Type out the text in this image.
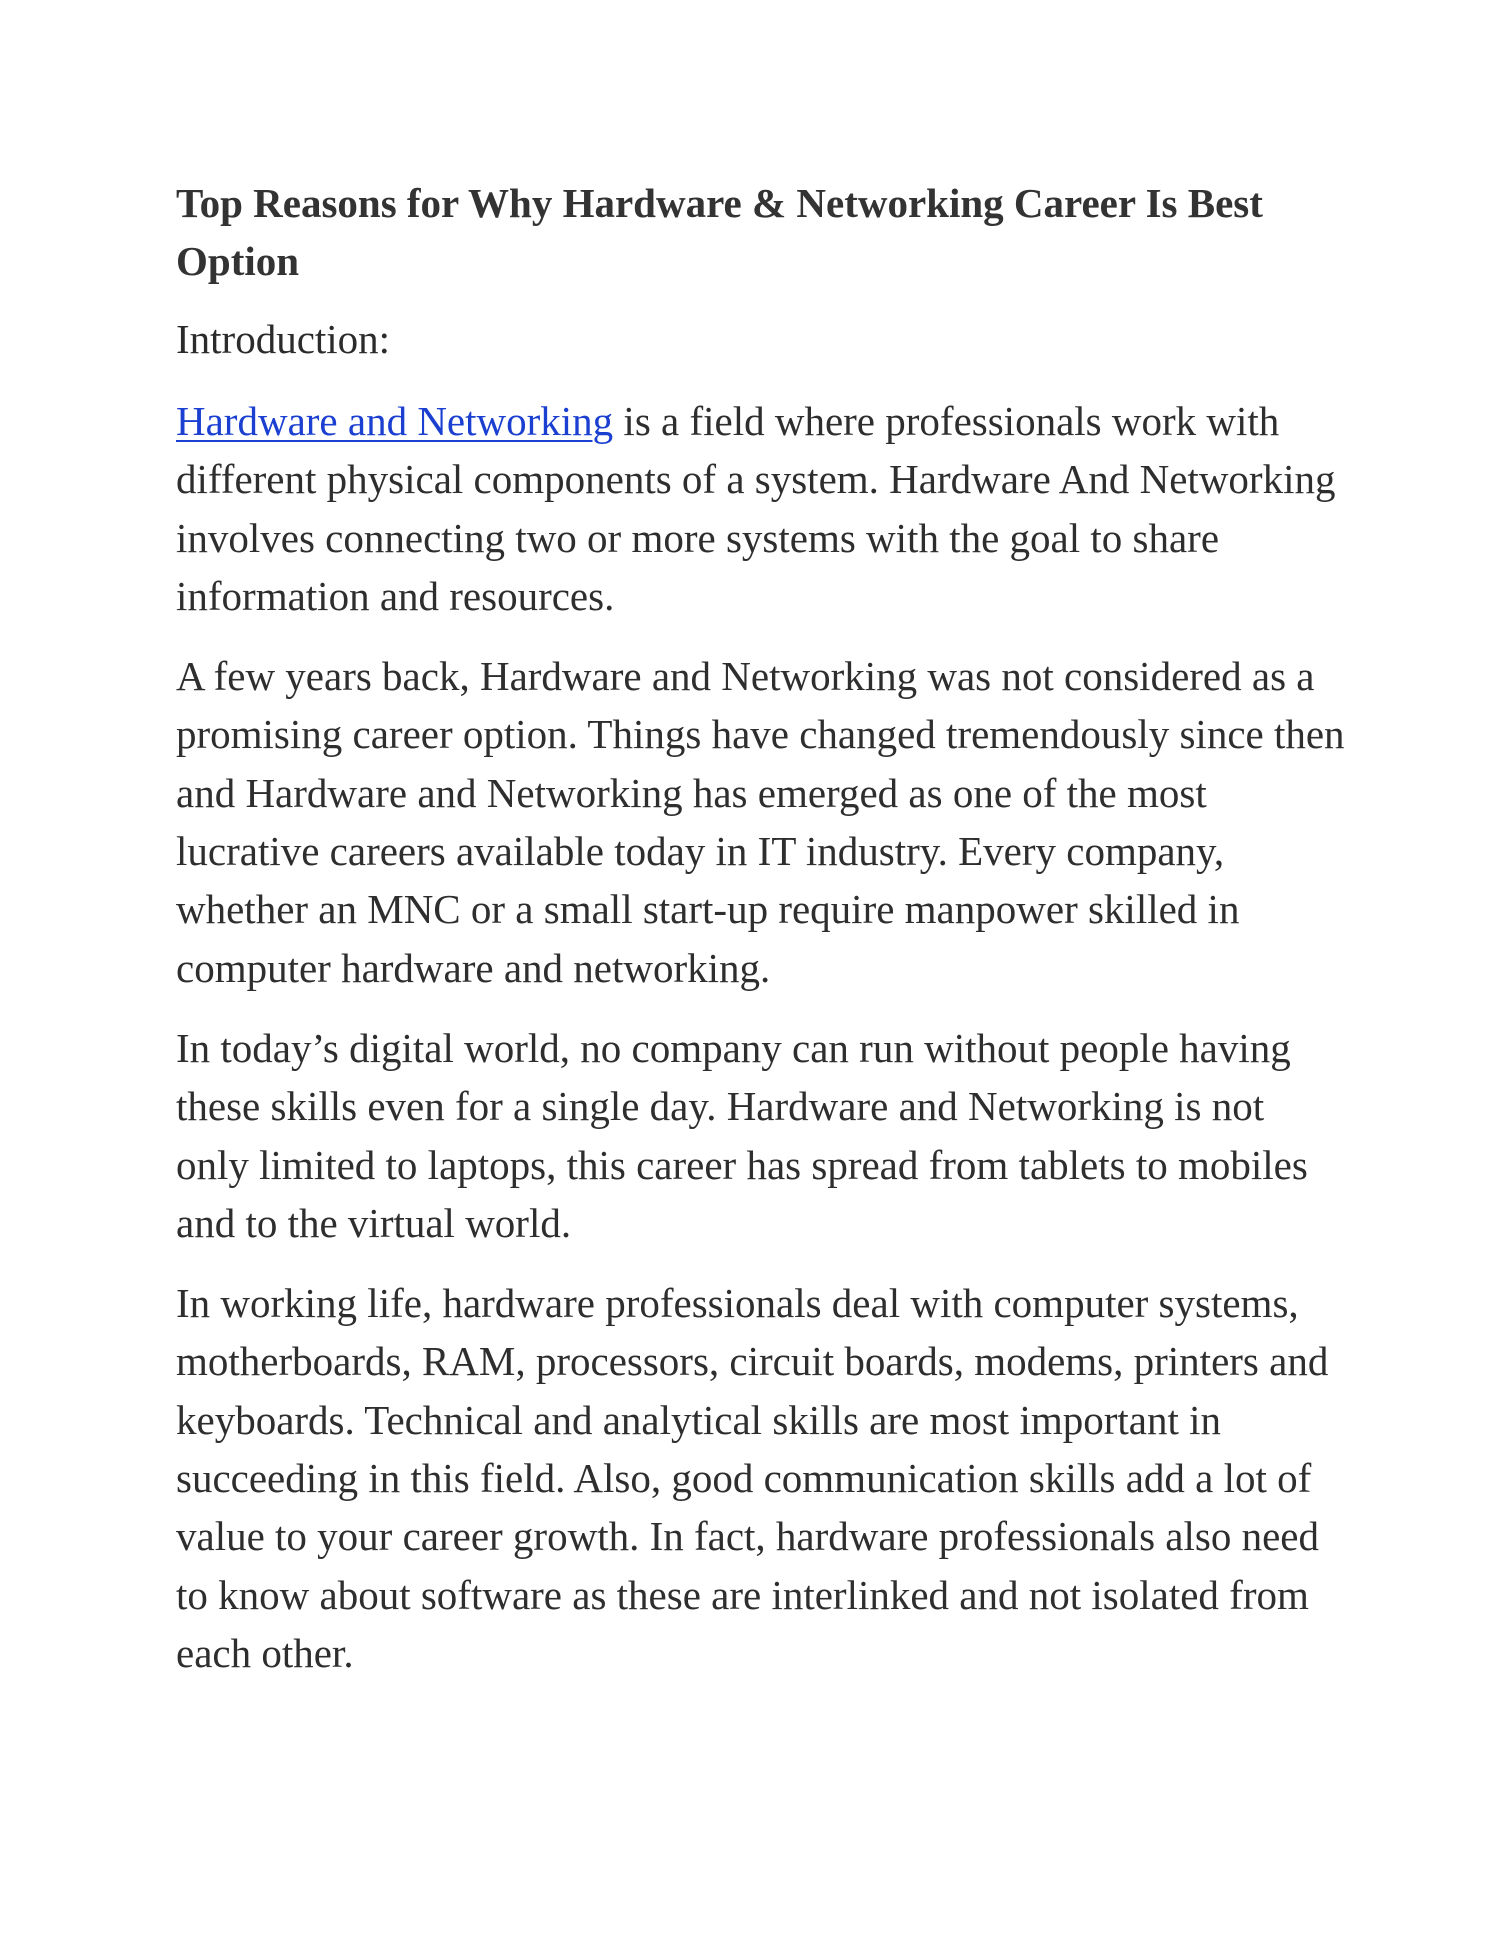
Top Reasons for Why Hardware & Networking Career Is Best Option

Introduction:

Hardware and Networking is a field where professionals work with different physical components of a system. Hardware And Networking involves connecting two or more systems with the goal to share information and resources.

A few years back, Hardware and Networking was not considered as a promising career option. Things have changed tremendously since then and Hardware and Networking has emerged as one of the most lucrative careers available today in IT industry. Every company, whether an MNC or a small start-up require manpower skilled in computer hardware and networking.

In today’s digital world, no company can run without people having these skills even for a single day. Hardware and Networking is not only limited to laptops, this career has spread from tablets to mobiles and to the virtual world.

In working life, hardware professionals deal with computer systems, motherboards, RAM, processors, circuit boards, modems, printers and keyboards. Technical and analytical skills are most important in succeeding in this field. Also, good communication skills add a lot of value to your career growth. In fact, hardware professionals also need to know about software as these are interlinked and not isolated from each other.
